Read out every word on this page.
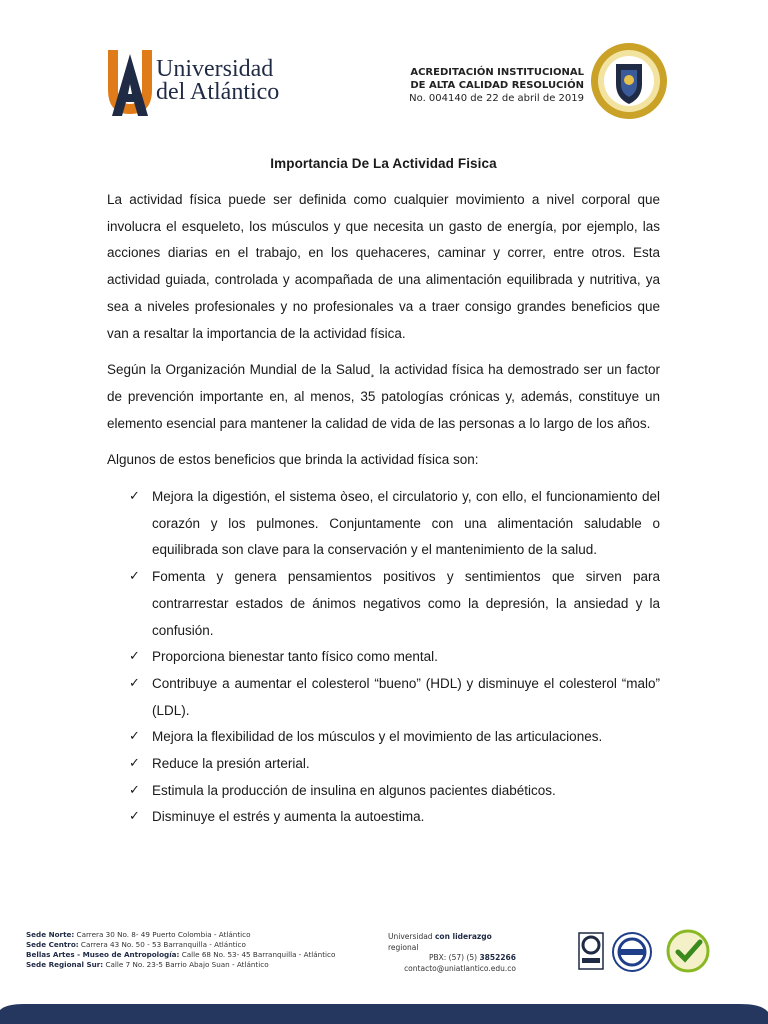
Universidad
del Atlántico
ACREDITACIÓN INSTITUCIONAL
DE ALTA CALIDAD RESOLUCIÓN
No. 004140 de 22 de abril de 2019
Importancia De La Actividad Fisica

La actividad física puede ser definida como cualquier movimiento a nivel corporal que involucra el esqueleto, los músculos y que necesita un gasto de energía, por ejemplo, las acciones diarias en el trabajo, en los quehaceres, caminar y correr, entre otros. Esta actividad guiada, controlada y acompañada de una alimentación equilibrada y nutritiva, ya sea a niveles profesionales y no profesionales va a traer consigo grandes beneficios que van a resaltar la importancia de la actividad física.

Según la Organización Mundial de la Salud¸ la actividad física ha demostrado ser un factor de prevención importante en, al menos, 35 patologías crónicas y, además, constituye un elemento esencial para mantener la calidad de vida de las personas a lo largo de los años.

Algunos de estos beneficios que brinda la actividad física son:

✓ Mejora la digestión, el sistema òseo, el circulatorio y, con ello, el funcionamiento del corazón y los pulmones. Conjuntamente con una alimentación saludable o equilibrada son clave para la conservación y el mantenimiento de la salud.
✓ Fomenta y genera pensamientos positivos y sentimientos que sirven para contrarrestar estados de ánimos negativos como la depresión, la ansiedad y la confusión.
✓ Proporciona bienestar tanto físico como mental.
✓ Contribuye a aumentar el colesterol “bueno” (HDL) y disminuye el colesterol “malo” (LDL).
✓ Mejora la flexibilidad de los músculos y el movimiento de las articulaciones.
✓ Reduce la presión arterial.
✓ Estimula la producción de insulina en algunos pacientes diabéticos.
✓ Disminuye el estrés y aumenta la autoestima.
Sede Norte: Carrera 30 No. 8- 49 Puerto Colombia - Atlántico
Sede Centro: Carrera 43 No. 50 - 53 Barranquilla - Atlántico
Bellas Artes - Museo de Antropología: Calle 68 No. 53- 45 Barranquilla - Atlántico
Sede Regional Sur: Calle 7 No. 23-5 Barrio Abajo Suan - Atlántico
Universidad con liderazgo regional
PBX: (57) (5) 3852266
contacto@uniatlantico.edu.co
